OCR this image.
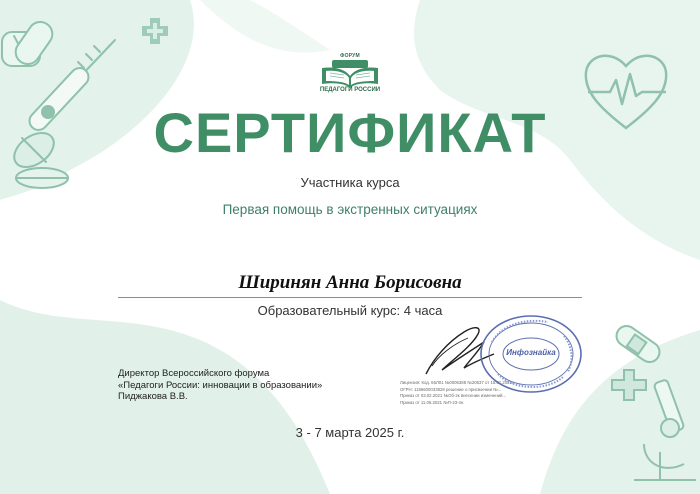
ФОРУМ
ПЕДАГОГИ РОССИИ
СЕРТИФИКАТ
Участника курса
Первая помощь в экстренных ситуациях
Ширинян Анна Борисовна
Образовательный курс: 4 часа
Директор Всероссийского форума
«Педагоги России: инновации в образовании»
Пиджакова В.В.
Лицензия: Код. 66Л01 №0006388 №20637 от 15.01.2021г.
ОГРН: 1196600033828 решение о присвоении №...
Приказ от 03.02.2021 №Об-2к внесении изменений...
Приказ от 11.06.2021 №П-23-лн
Инфознайка
3 - 7 марта 2025 г.
